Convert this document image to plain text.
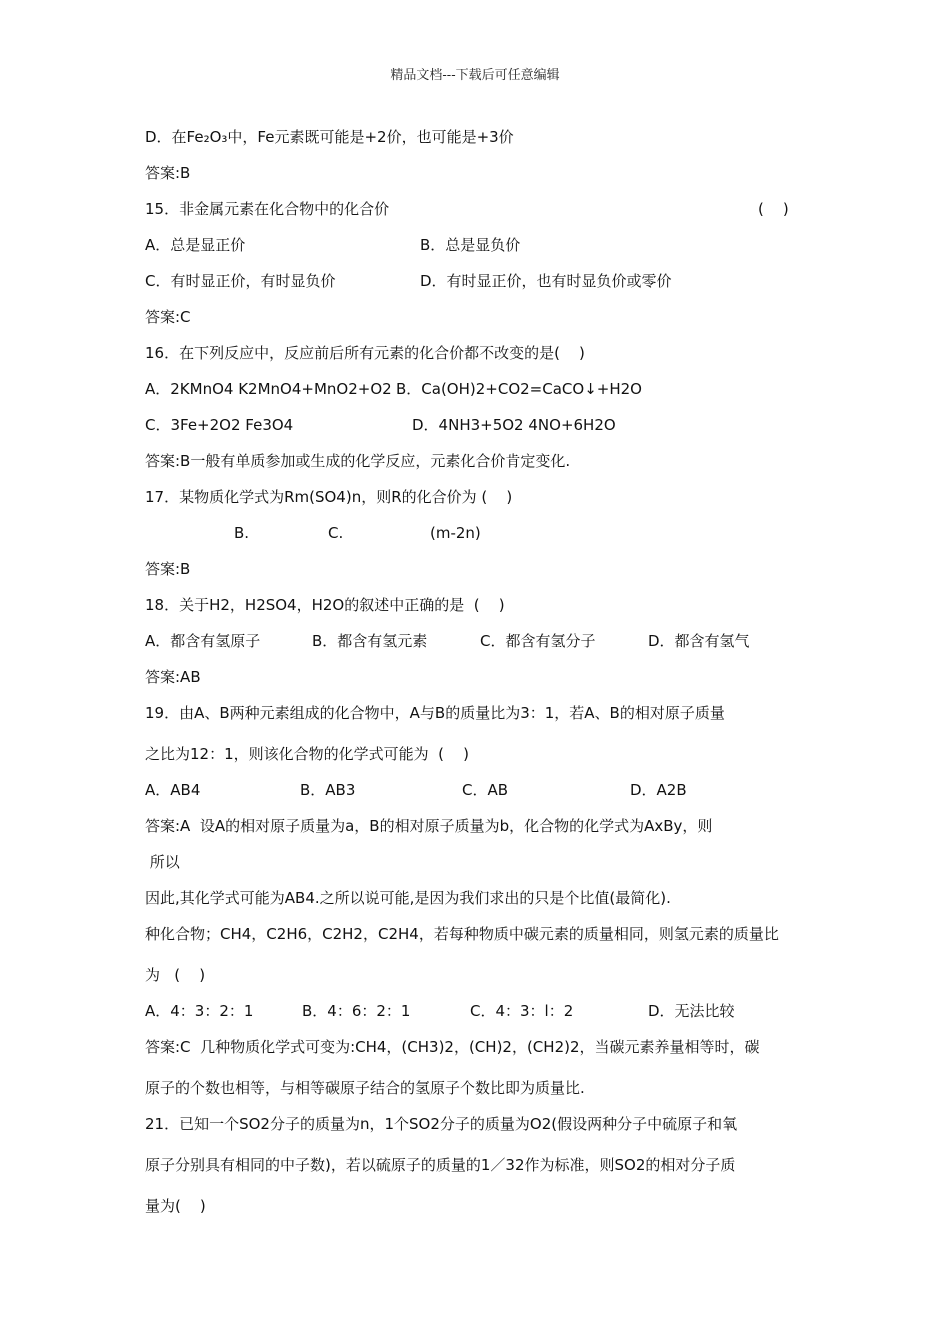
精品文档---下载后可任意编辑
D．在Fe₂O₃中，Fe元素既可能是+2价，也可能是+3价
答案:B
15．非金属元素在化合物中的化合价	(    )
A．总是显正价	B．总是显负价
C．有时显正价，有时显负价	D．有时显正价，也有时显负价或零价
答案:C
16．在下列反应中，反应前后所有元素的化合价都不改变的是(    )
A．2KMnO4 K2MnO4+MnO2+O2 B．Ca(OH)2+CO2=CaCO↓+H2O
C．3Fe+2O2 Fe3O4	D．4NH3+5O2 4NO+6H2O
答案:B一般有单质参加或生成的化学反应，元素化合价肯定变化.
17．某物质化学式为Rm(SO4)n，则R的化合价为 (    )
B.	C.	(m-2n)
答案:B
18．关于H2，H2SO4，H2O的叙述中正确的是  (    )
A．都含有氢原子	B．都含有氢元素	C．都含有氢分子	D．都含有氢气
答案:AB
19．由A、B两种元素组成的化合物中，A与B的质量比为3：1，若A、B的相对原子质量
之比为12：1，则该化合物的化学式可能为  (    )
A．AB4	B．AB3	C．AB	D．A2B
答案:A  设A的相对原子质量为a，B的相对原子质量为b，化合物的化学式为AxBy，则
所以
因此,其化学式可能为AB4.之所以说可能,是因为我们求出的只是个比值(最简化).
种化合物；CH4，C2H6，C2H2，C2H4，若每种物质中碳元素的质量相同，则氢元素的质量比
为   (    )
A．4：3：2：1	B．4：6：2：1	C．4：3：l：2	D．无法比较
答案:C  几种物质化学式可变为:CH4，(CH3)2，(CH)2，(CH2)2，当碳元素养量相等时，碳
原子的个数也相等，与相等碳原子结合的氢原子个数比即为质量比.
21．已知一个SO2分子的质量为n，1个SO2分子的质量为O2(假设两种分子中硫原子和氧
原子分别具有相同的中子数)，若以硫原子的质量的1／32作为标准，则SO2的相对分子质
量为(    )
